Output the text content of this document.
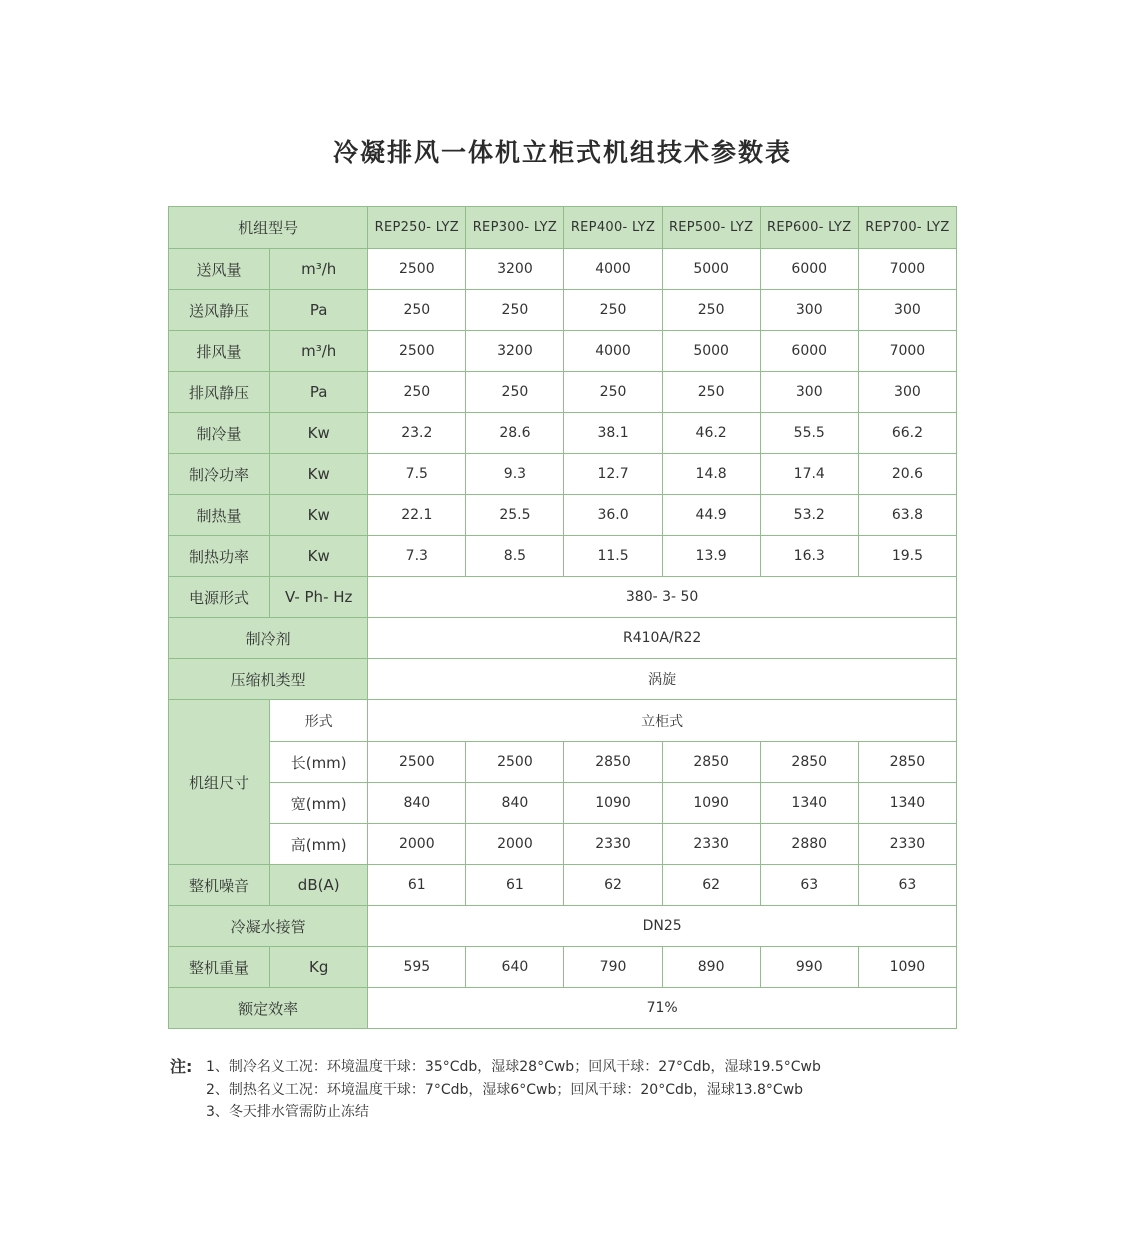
冷凝排风一体机立柜式机组技术参数表
机组型号		REP250- LYZ	REP300- LYZ	REP400- LYZ	REP500- LYZ	REP600- LYZ	REP700- LYZ
送风量	m³/h	2500	3200	4000	5000	6000	7000
送风静压	Pa	250	250	250	250	300	300
排风量	m³/h	2500	3200	4000	5000	6000	7000
排风静压	Pa	250	250	250	250	300	300
制冷量	Kw	23.2	28.6	38.1	46.2	55.5	66.2
制冷功率	Kw	7.5	9.3	12.7	14.8	17.4	20.6
制热量	Kw	22.1	25.5	36.0	44.9	53.2	63.8
制热功率	Kw	7.3	8.5	11.5	13.9	16.3	19.5
电源形式	V- Ph- Hz	380- 3- 50					
制冷剂		R410A/R22					
压缩机类型		涡旋					
机组尺寸	形式	立柜式					
	长(mm)	2500	2500	2850	2850	2850	2850
	宽(mm)	840	840	1090	1090	1340	1340
	高(mm)	2000	2000	2330	2330	2880	2330
整机噪音	dB(A)	61	61	62	62	63	63
冷凝水接管		DN25					
整机重量	Kg	595	640	790	890	990	1090
额定效率		71%					
注: 1、制冷名义工况：环境温度干球：35°Cdb，湿球28°Cwb；回风干球：27°Cdb，湿球19.5°Cwb
2、制热名义工况：环境温度干球：7°Cdb，湿球6°Cwb；回风干球：20°Cdb，湿球13.8°Cwb
3、冬天排水管需防止冻结
